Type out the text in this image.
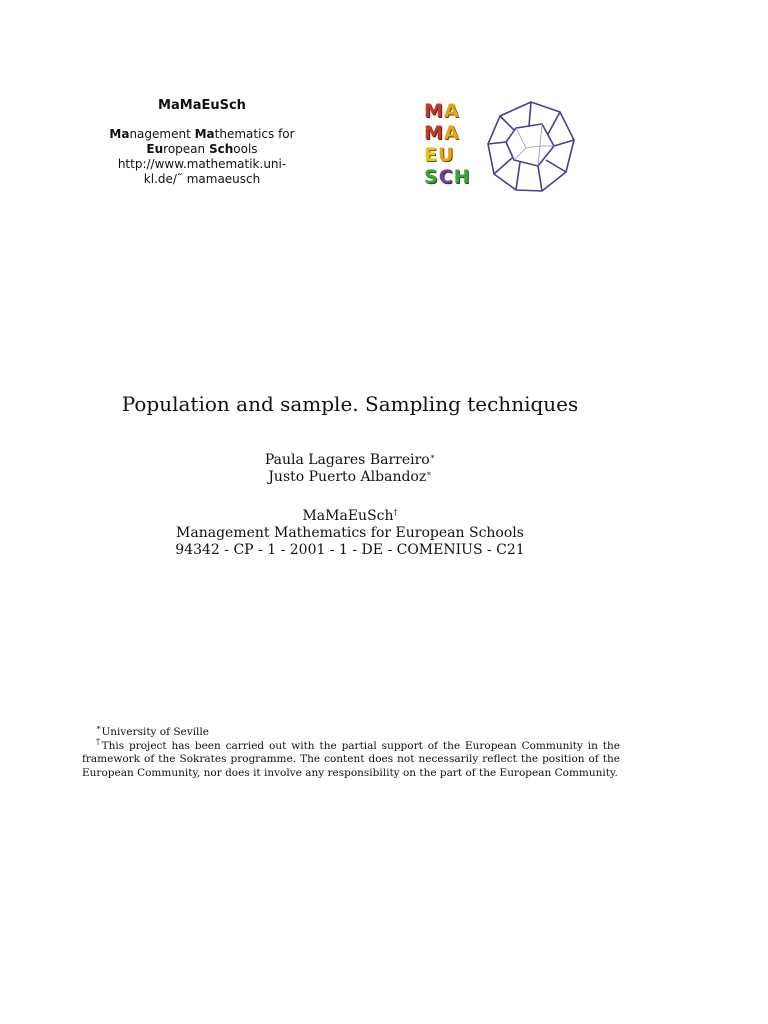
MaMaEuSch
Management Mathematics for
European Schools
http://www.mathematik.uni-
kl.de/˜ mamaeusch
MA
MA
EU
SCH
Population and sample. Sampling techniques
Paula Lagares Barreiro∗
Justo Puerto Albandoz∗
MaMaEuSch†
Management Mathematics for European Schools
94342 - CP - 1 - 2001 - 1 - DE - COMENIUS - C21

∗University of Seville

†This project has been carried out with the partial support of the European Community in the framework of the Sokrates programme. The content does not necessarily reflect the position of the European Community, nor does it involve any responsibility on the part of the European Community.
